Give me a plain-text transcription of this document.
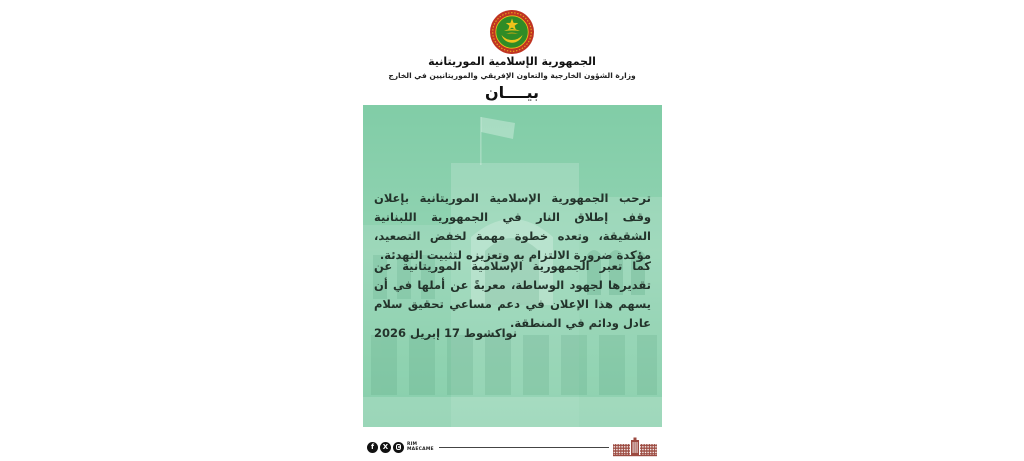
الجمهورية الإسلامية الموريتانية
وزارة الشؤون الخارجية والتعاون الإفريقي والموريتانيين في الخارج
بيــــان

ترحب الجمهورية الإسلامية الموريتانية بإعلان وقف إطلاق النار في الجمهورية اللبنانية الشقيقة، وتعده خطوة مهمة لخفض التصعيد، مؤكدة ضرورة الالتزام به وتعزيزه لتثبيت التهدئة.

كما تعبر الجمهورية الإسلامية الموريتانية عن تقديرها لجهود الوساطة، معربةً عن أملها في أن يسهم هذا الإعلان في دعم مساعي تحقيق سلام عادل ودائم في المنطقة.

نواكشوط 17 إبريل 2026

f	X	RIM
MAECAME
